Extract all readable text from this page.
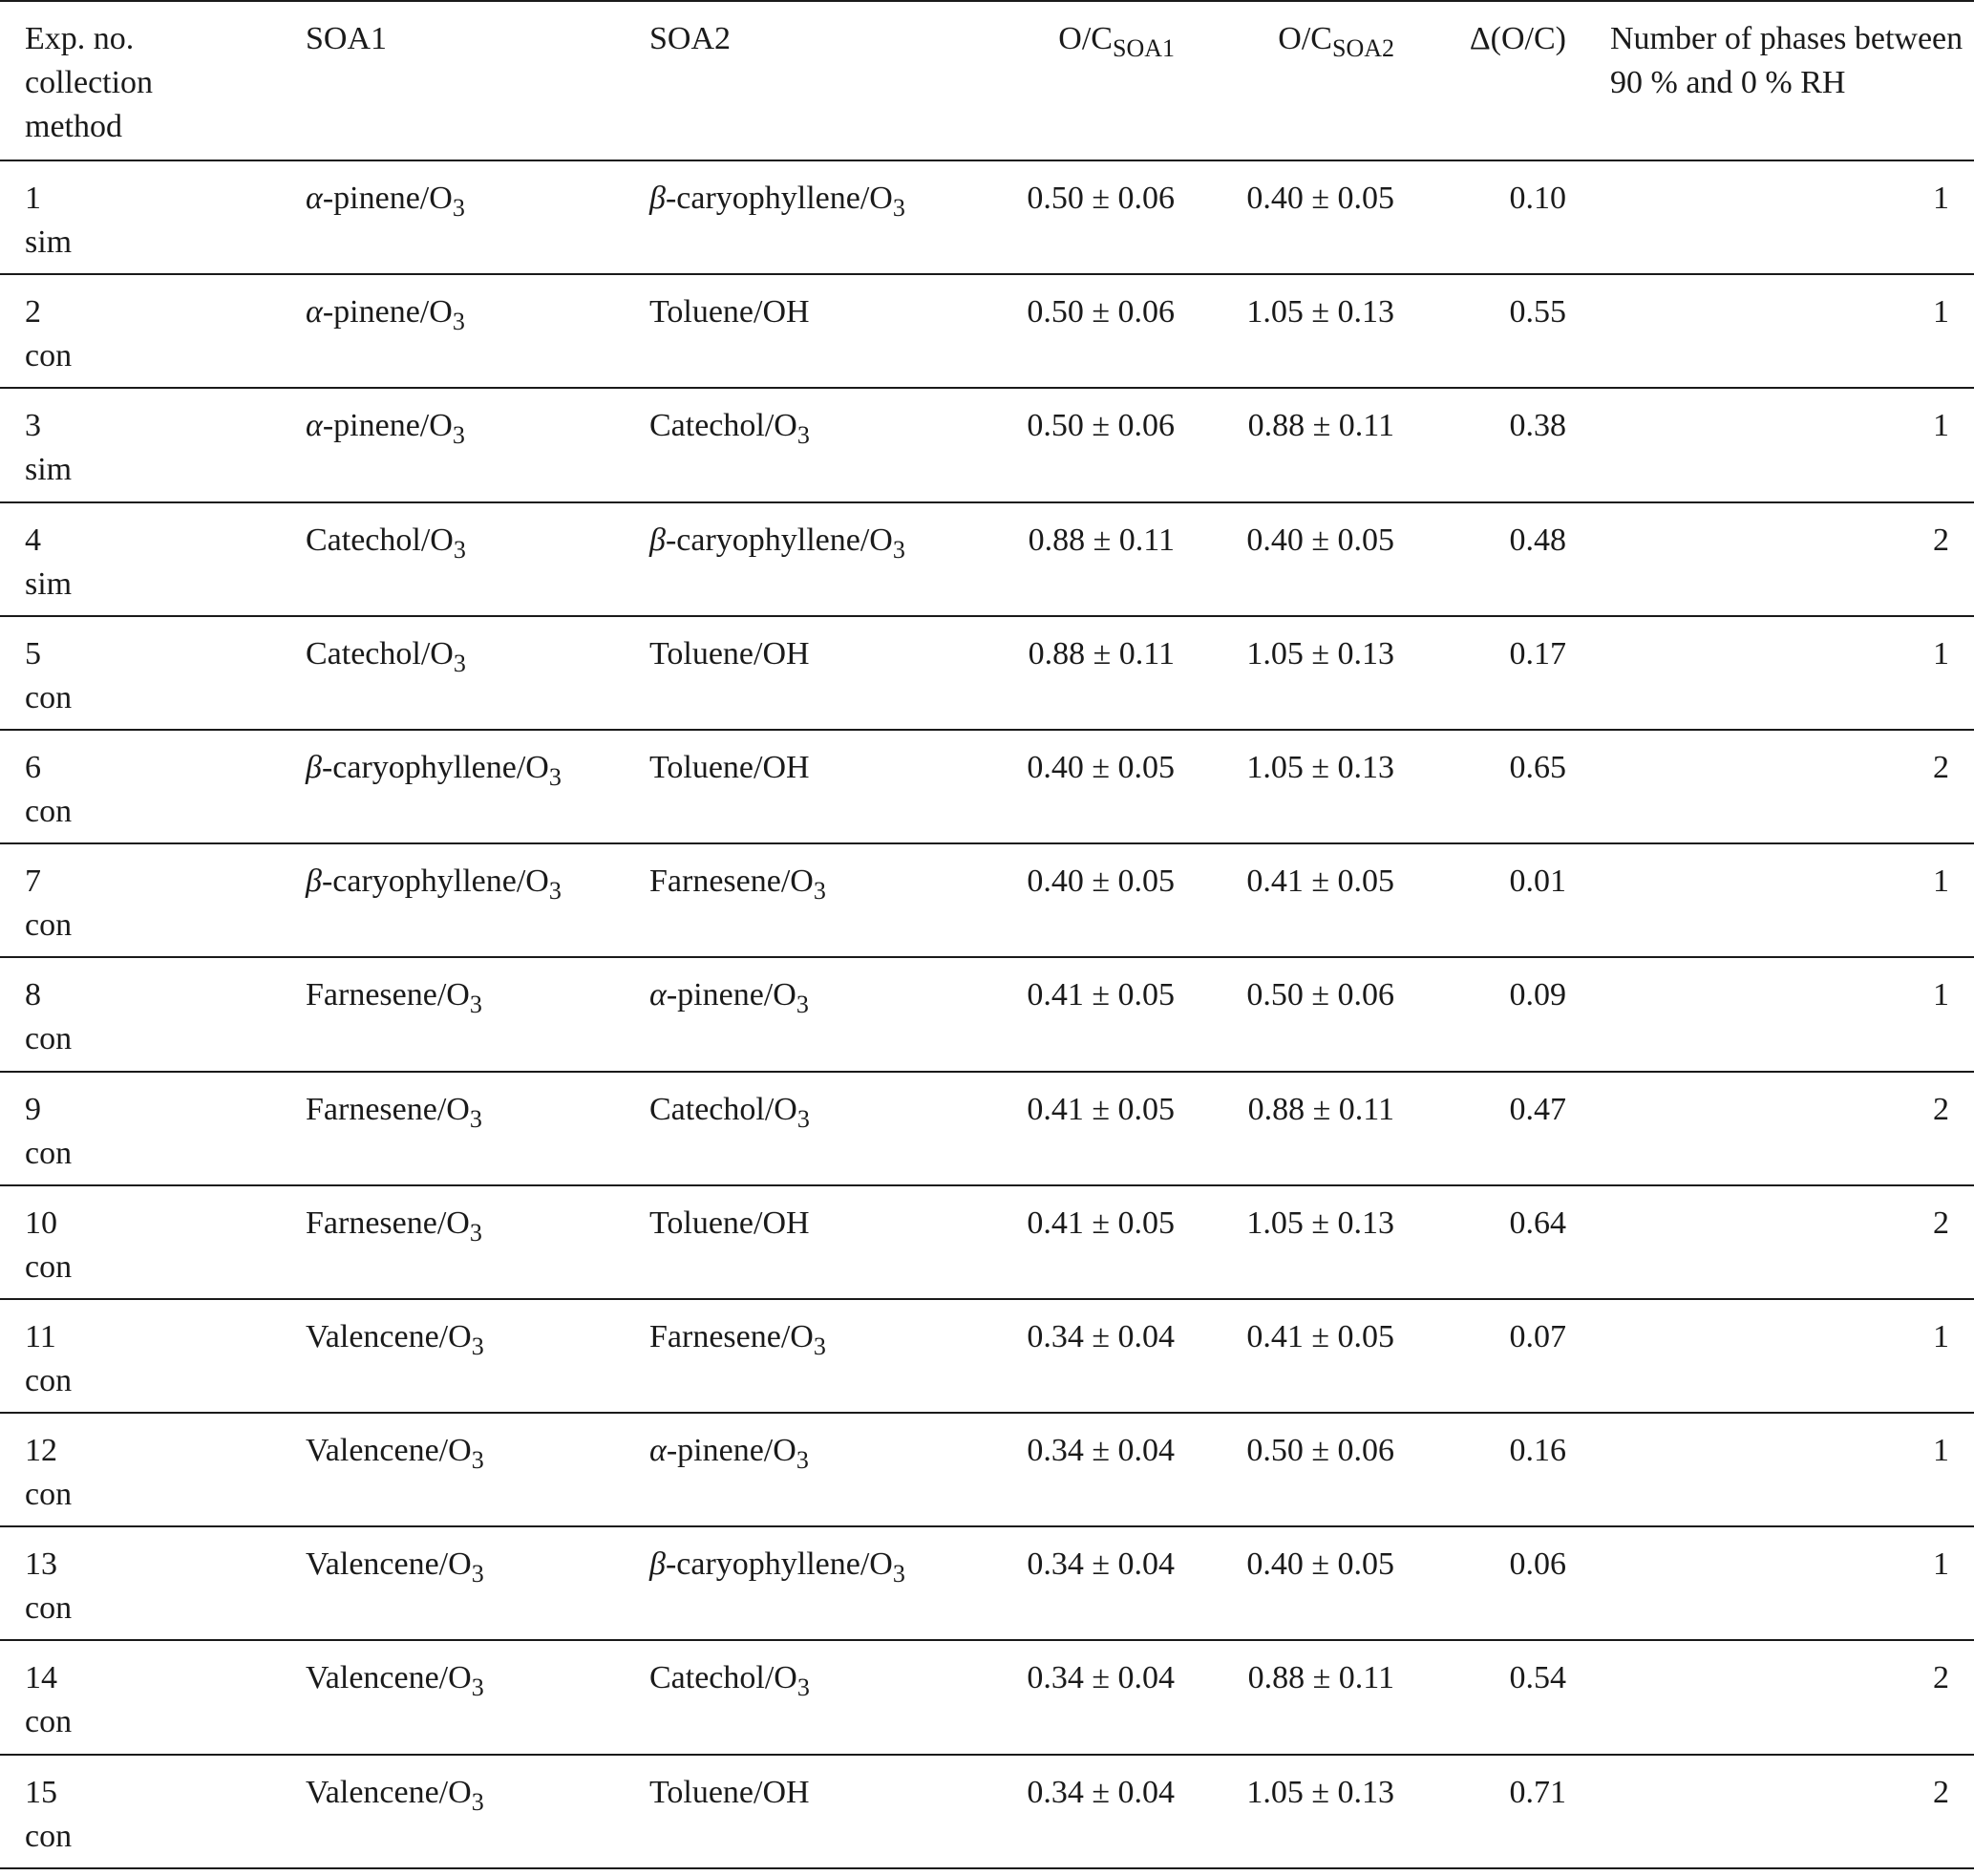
Exp. no.
collection
method	SOA1	SOA2	$O/C_{SOA1}$	$O/C_{SOA2}$	Δ(O/C)	Number of phases between 90 % and 0 % RH

1
sim	$\alpha-pinene/O_3$	$\beta-caryophyllene/O_3$	0.50 ± 0.06	0.40 ± 0.05	0.10	1

2
con	$\alpha-pinene/O_3$	Toluene/OH	0.50 ± 0.06	1.05 ± 0.13	0.55	1

3
sim	$\alpha-pinene/O_3$	Catechol/$O_3$	0.50 ± 0.06	0.88 ± 0.11	0.38	1

4
sim	Catechol/$O_3$	$\beta-caryophyllene/O_3$	0.88 ± 0.11	0.40 ± 0.05	0.48	2

5
con	Catechol/$O_3$	Toluene/OH	0.88 ± 0.11	1.05 ± 0.13	0.17	1

6
con	$\beta-caryophyllene/O_3$	Toluene/OH	0.40 ± 0.05	1.05 ± 0.13	0.65	2

7
con	$\beta-caryophyllene/O_3$	Farnesene/$O_3$	0.40 ± 0.05	0.41 ± 0.05	0.01	1

8
con	Farnesene/$O_3$	$\alpha-pinene/O_3$	0.41 ± 0.05	0.50 ± 0.06	0.09	1

9
con	Farnesene/$O_3$	Catechol/$O_3$	0.41 ± 0.05	0.88 ± 0.11	0.47	2

10
con	Farnesene/$O_3$	Toluene/OH	0.41 ± 0.05	1.05 ± 0.13	0.64	2

11
con	Valencene/$O_3$	Farnesene/$O_3$	0.34 ± 0.04	0.41 ± 0.05	0.07	1

12
con	Valencene/$O_3$	$\alpha-pinene/O_3$	0.34 ± 0.04	0.50 ± 0.06	0.16	1

13
con	Valencene/$O_3$	$\beta-caryophyllene/O_3$	0.34 ± 0.04	0.40 ± 0.05	0.06	1

14
con	Valencene/$O_3$	Catechol/$O_3$	0.34 ± 0.04	0.88 ± 0.11	0.54	2

15
con	Valencene/$O_3$	Toluene/OH	0.34 ± 0.04	1.05 ± 0.13	0.71	2
